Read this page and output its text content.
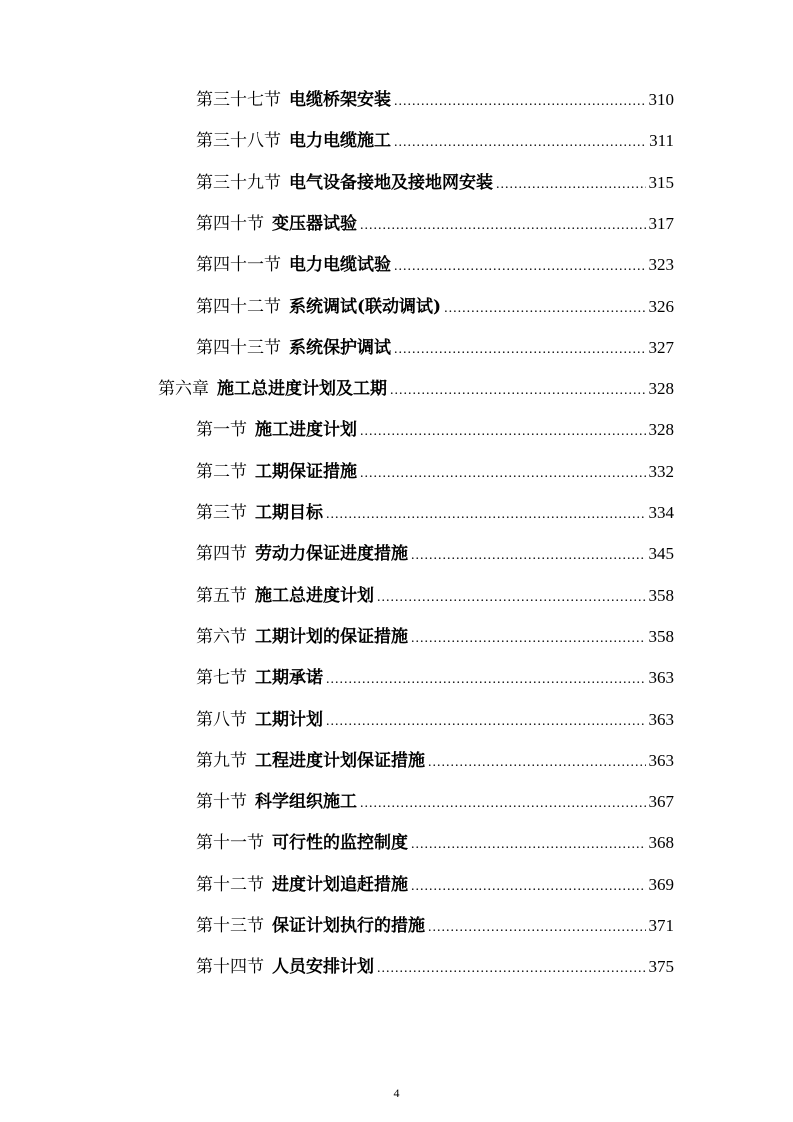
第三十七节 电缆桥架安装 .....	310
第三十八节 电力电缆施工 .....	311
第三十九节 电气设备接地及接地网安装 .....	315
第四十节 变压器试验 .....	317
第四十一节 电力电缆试验 .....	323
第四十二节 系统调试(联动调试) .....	326
第四十三节 系统保护调试 .....	327
第六章 施工总进度计划及工期 .....	328
第一节 施工进度计划 .....	328
第二节 工期保证措施 .....	332
第三节 工期目标 .....	334
第四节 劳动力保证进度措施 .....	345
第五节 施工总进度计划 .....	358
第六节 工期计划的保证措施 .....	358
第七节 工期承诺 .....	363
第八节 工期计划 .....	363
第九节 工程进度计划保证措施 .....	363
第十节 科学组织施工 .....	367
第十一节 可行性的监控制度 .....	368
第十二节 进度计划追赶措施 .....	369
第十三节 保证计划执行的措施 .....	371
第十四节 人员安排计划 .....	375
4
